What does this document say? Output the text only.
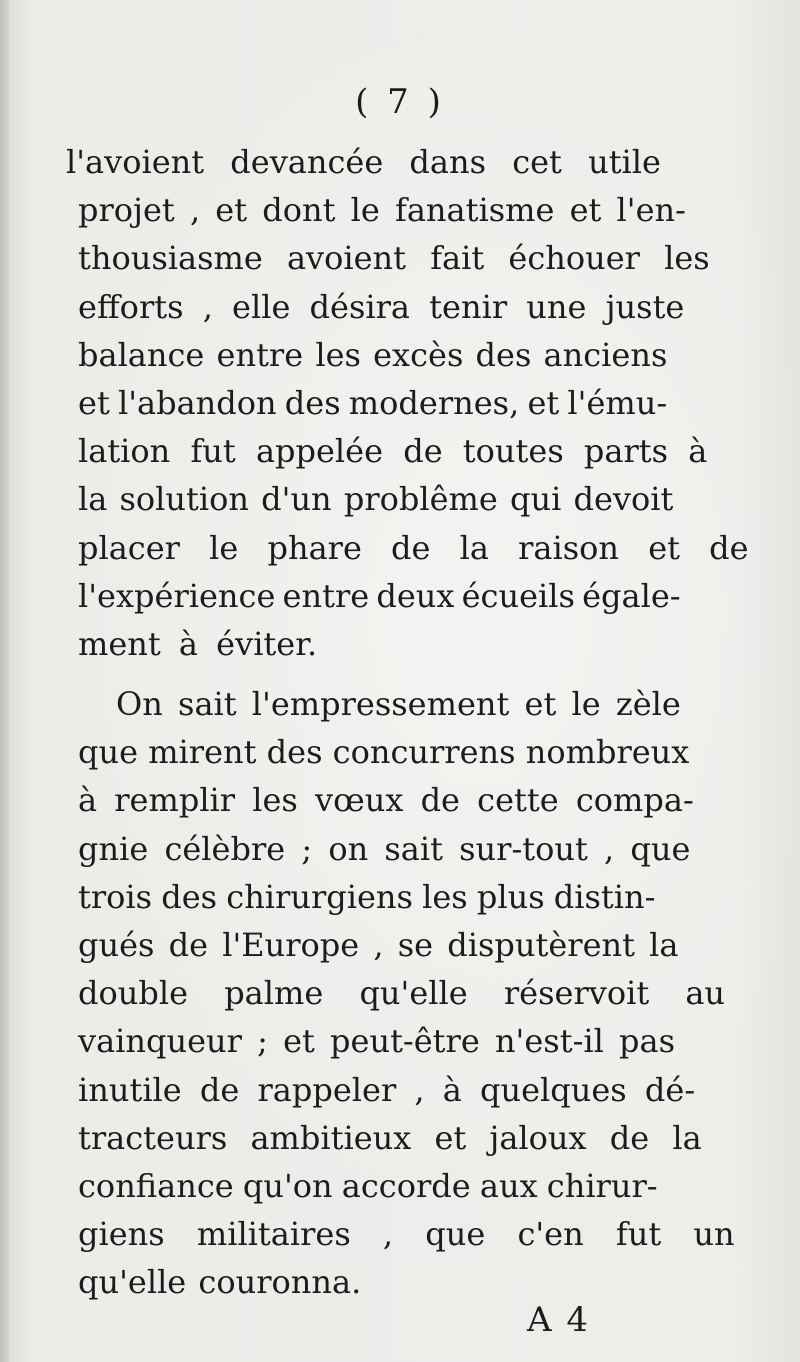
( 7 )
l'avoient devancée dans cet utile
projet , et dont le fanatisme et l'en-
thousiasme avoient fait échouer les
efforts , elle désira tenir une juste
balance entre les excès des anciens
et l'abandon des modernes, et l'ému-
lation fut appelée de toutes parts à
la solution d'un problême qui devoit
placer le phare de la raison et de
l'expérience entre deux écueils égale-
ment à éviter.
On sait l'empressement et le zèle
que mirent des concurrens nombreux
à remplir les vœux de cette compa-
gnie célèbre ; on sait sur-tout , que
trois des chirurgiens les plus distin-
gués de l'Europe , se disputèrent la
double palme qu'elle réservoit au
vainqueur ; et peut-être n'est-il pas
inutile de rappeler , à quelques dé-
tracteurs ambitieux et jaloux de la
confiance qu'on accorde aux chirur-
giens militaires , que c'en fut un
qu'elle couronna.
A 4
